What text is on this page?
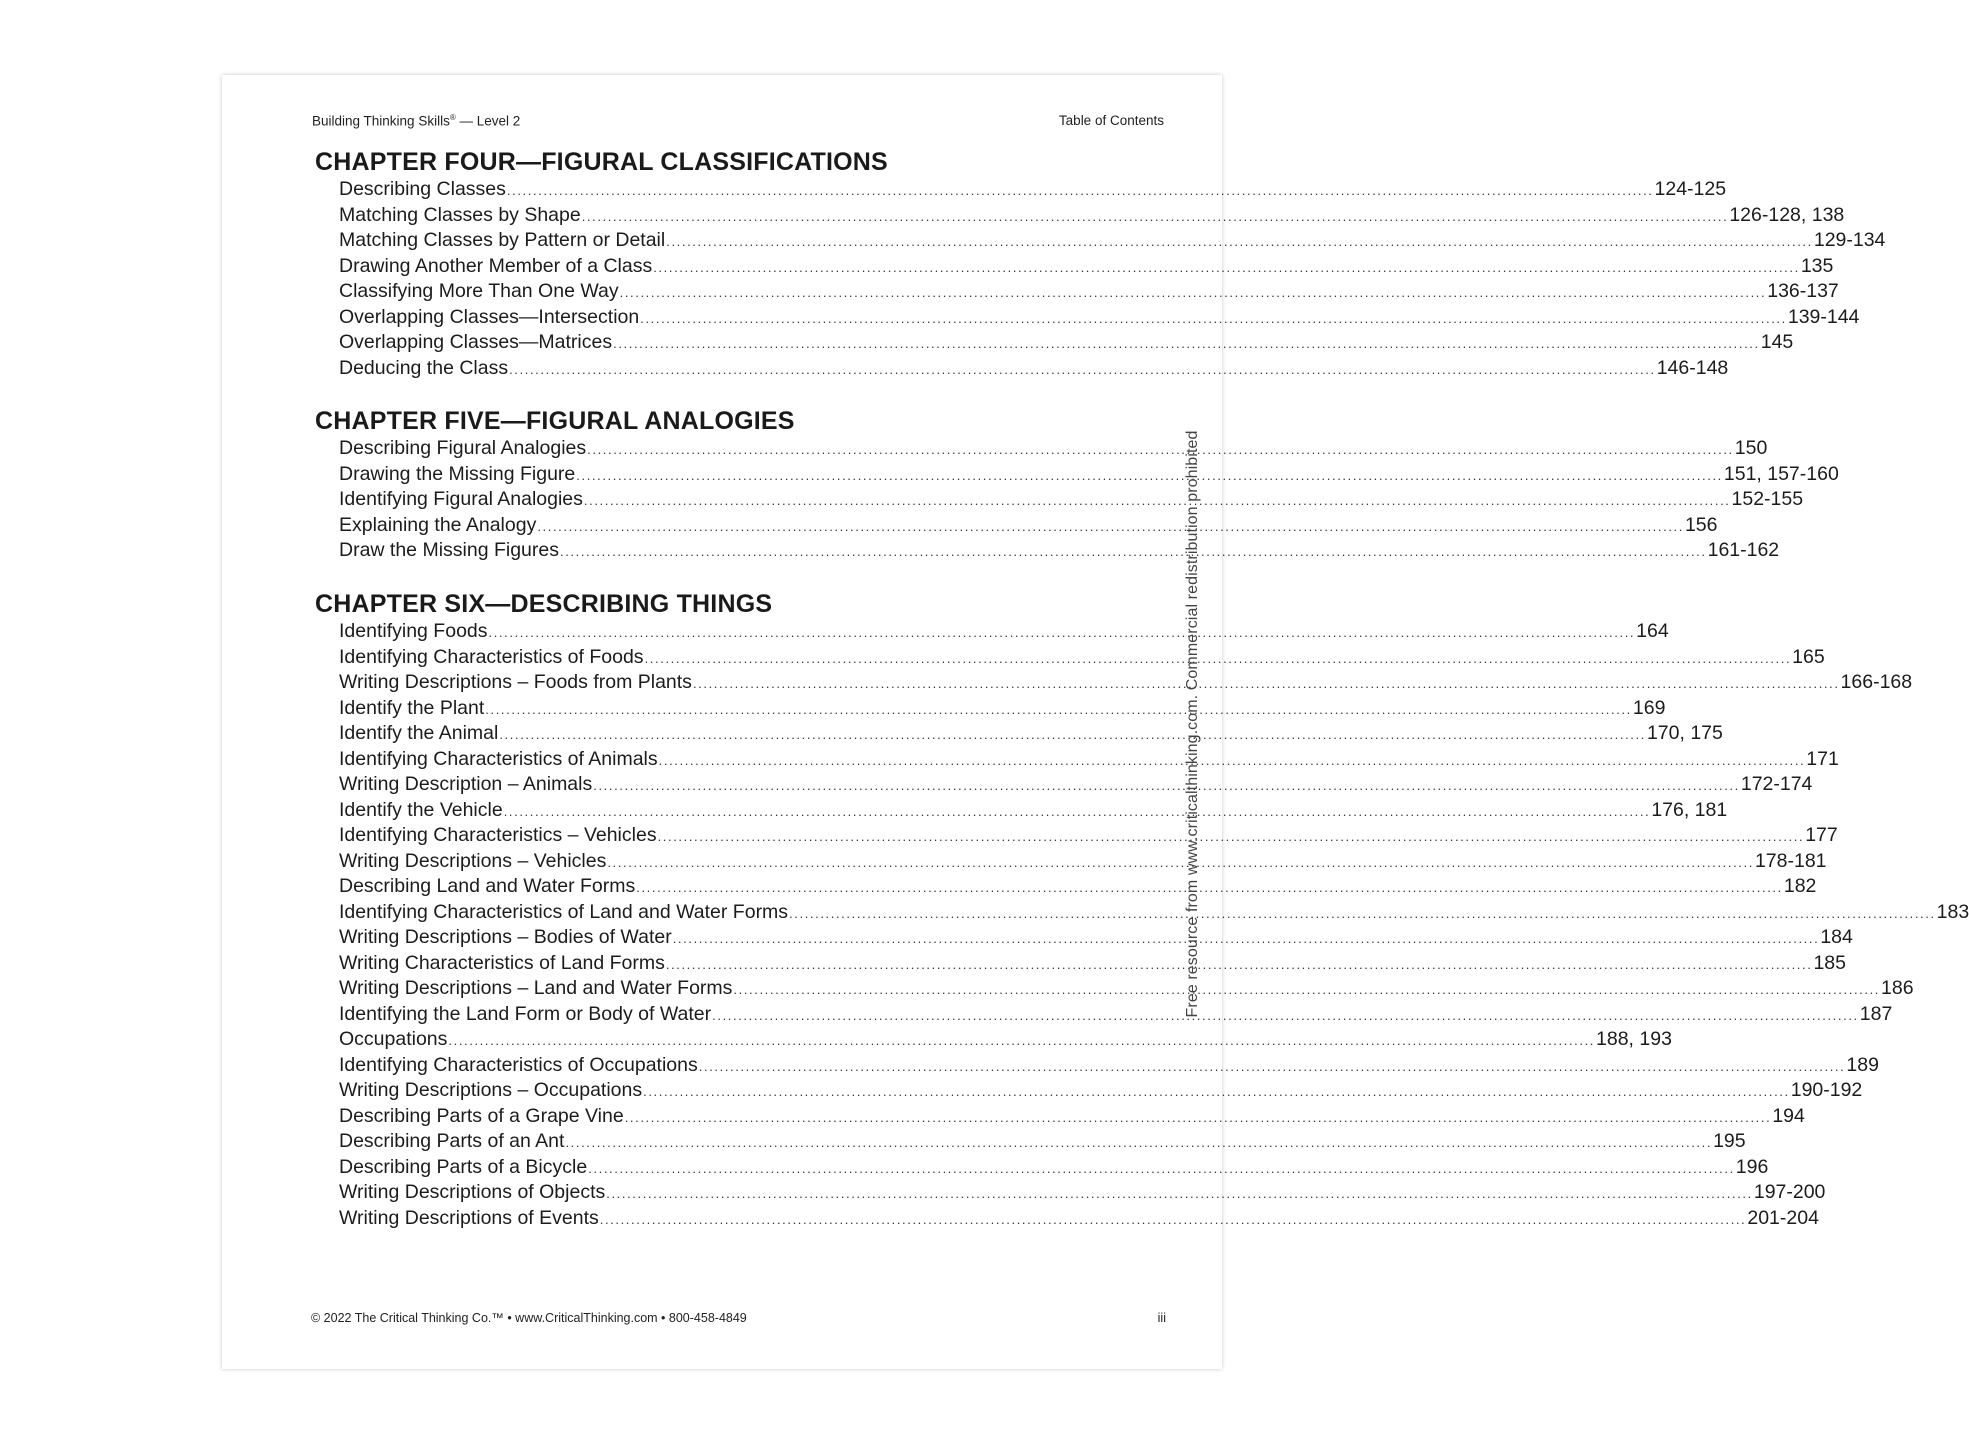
Building Thinking Skills® — Level 2	Table of Contents
CHAPTER FOUR—FIGURAL CLASSIFICATIONS
Describing Classes ............................................................................................................................................................................................................................ 124-125
Matching Classes by Shape ............................................................................................................................................................................................................................ 126-128, 138
Matching Classes by Pattern or Detail ............................................................................................................................................................................................................................ 129-134
Drawing Another Member of a Class ............................................................................................................................................................................................................................ 135
Classifying More Than One Way ............................................................................................................................................................................................................................ 136-137
Overlapping Classes—Intersection ............................................................................................................................................................................................................................ 139-144
Overlapping Classes—Matrices ............................................................................................................................................................................................................................ 145
Deducing the Class ............................................................................................................................................................................................................................ 146-148
CHAPTER FIVE—FIGURAL ANALOGIES
Describing Figural Analogies ............................................................................................................................................................................................................................ 150
Drawing the Missing Figure ............................................................................................................................................................................................................................ 151, 157-160
Identifying Figural Analogies ............................................................................................................................................................................................................................ 152-155
Explaining the Analogy ............................................................................................................................................................................................................................ 156
Draw the Missing Figures ............................................................................................................................................................................................................................ 161-162
CHAPTER SIX—DESCRIBING THINGS
Identifying Foods ............................................................................................................................................................................................................................ 164
Identifying Characteristics of Foods ............................................................................................................................................................................................................................ 165
Writing Descriptions – Foods from Plants ............................................................................................................................................................................................................................ 166-168
Identify the Plant ............................................................................................................................................................................................................................ 169
Identify the Animal ............................................................................................................................................................................................................................ 170, 175
Identifying Characteristics of Animals ............................................................................................................................................................................................................................ 171
Writing Description – Animals ............................................................................................................................................................................................................................ 172-174
Identify the Vehicle ............................................................................................................................................................................................................................ 176, 181
Identifying Characteristics – Vehicles ............................................................................................................................................................................................................................ 177
Writing Descriptions – Vehicles ............................................................................................................................................................................................................................ 178-181
Describing Land and Water Forms ............................................................................................................................................................................................................................ 182
Identifying Characteristics of Land and Water Forms ............................................................................................................................................................................................................................ 183
Writing Descriptions – Bodies of Water ............................................................................................................................................................................................................................ 184
Writing Characteristics of Land Forms ............................................................................................................................................................................................................................ 185
Writing Descriptions – Land and Water Forms ............................................................................................................................................................................................................................ 186
Identifying the Land Form or Body of Water ............................................................................................................................................................................................................................ 187
Occupations ............................................................................................................................................................................................................................ 188, 193
Identifying Characteristics of Occupations ............................................................................................................................................................................................................................ 189
Writing Descriptions – Occupations ............................................................................................................................................................................................................................ 190-192
Describing Parts of a Grape Vine ............................................................................................................................................................................................................................ 194
Describing Parts of an Ant ............................................................................................................................................................................................................................ 195
Describing Parts of a Bicycle ............................................................................................................................................................................................................................ 196
Writing Descriptions of Objects ............................................................................................................................................................................................................................ 197-200
Writing Descriptions of Events ............................................................................................................................................................................................................................ 201-204
© 2022 The Critical Thinking Co.™ • www.CriticalThinking.com • 800-458-4849	iii
Free resource from www.criticalthinking.com. Commercial redistribution prohibited
